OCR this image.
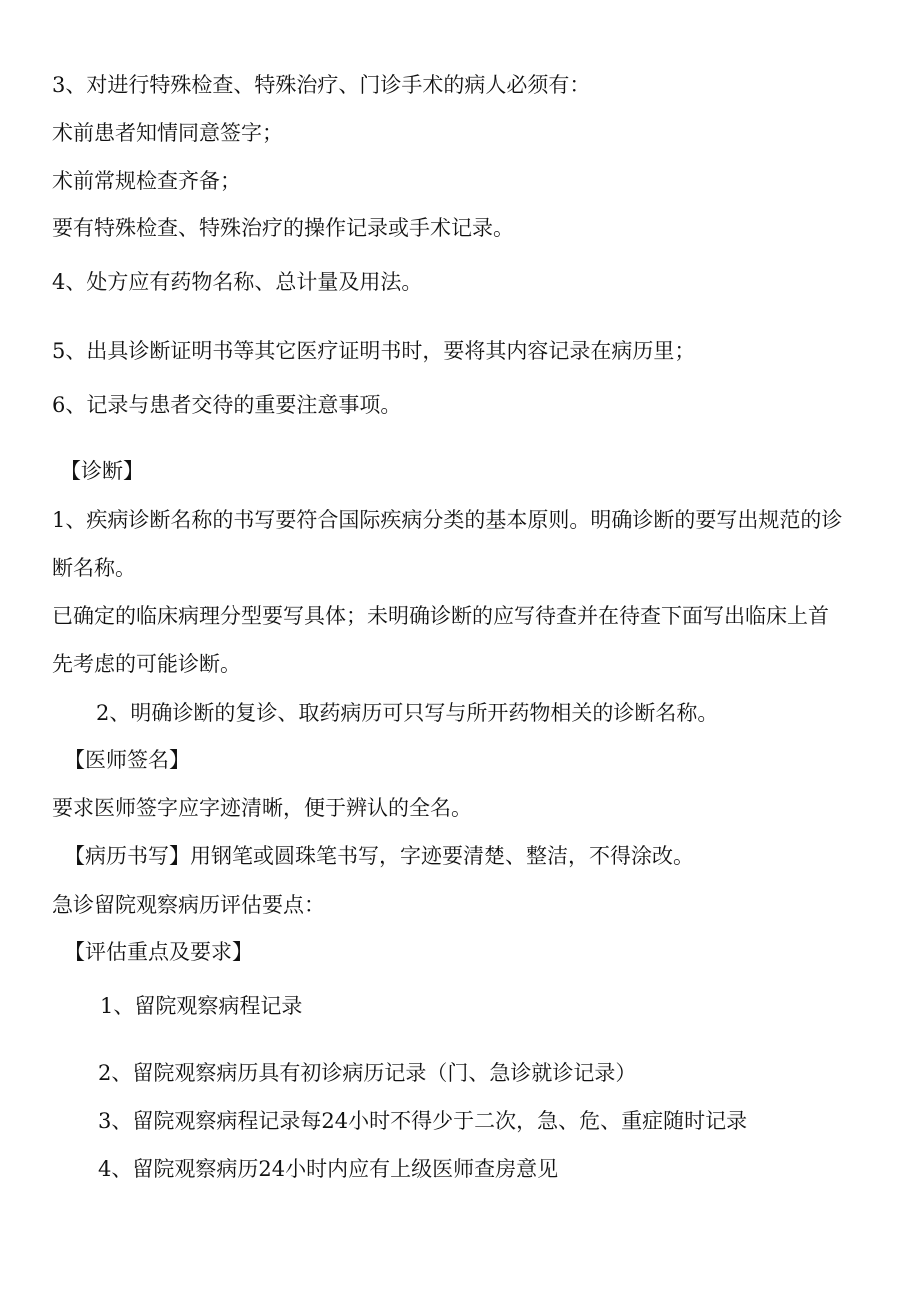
3、对进行特殊检查、特殊治疗、门诊手术的病人必须有：
术前患者知情同意签字；
术前常规检查齐备；
要有特殊检查、特殊治疗的操作记录或手术记录。
4、处方应有药物名称、总计量及用法。
5、出具诊断证明书等其它医疗证明书时，要将其内容记录在病历里；
6、记录与患者交待的重要注意事项。
【诊断】
1、疾病诊断名称的书写要符合国际疾病分类的基本原则。明确诊断的要写出规范的诊
断名称。
已确定的临床病理分型要写具体；未明确诊断的应写待查并在待查下面写出临床上首
先考虑的可能诊断。
2、明确诊断的复诊、取药病历可只写与所开药物相关的诊断名称。
【医师签名】
要求医师签字应字迹清晰，便于辨认的全名。
【病历书写】用钢笔或圆珠笔书写，字迹要清楚、整洁，不得涂改。
急诊留院观察病历评估要点：
【评估重点及要求】
1、留院观察病程记录
2、留院观察病历具有初诊病历记录（门、急诊就诊记录）
3、留院观察病程记录每24小时不得少于二次，急、危、重症随时记录
4、留院观察病历24小时内应有上级医师查房意见
